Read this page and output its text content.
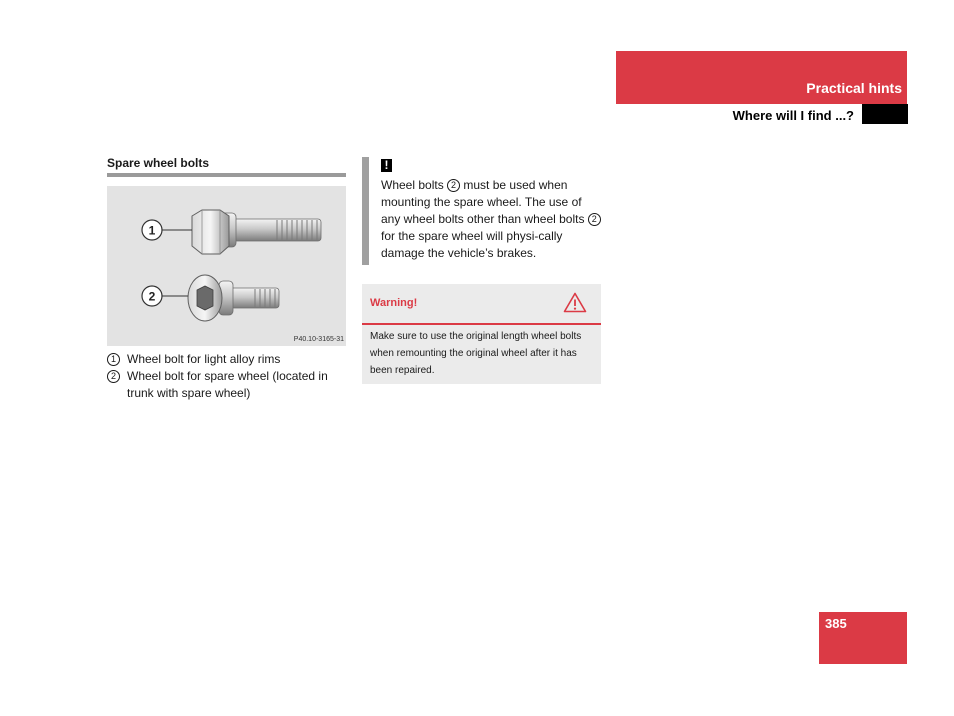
Practical hints
Where will I find ...?
Spare wheel bolts
1
2
P40.10-3165-31
1 Wheel bolt for light alloy rims
2 Wheel bolt for spare wheel (located in trunk with spare wheel)
!
Wheel bolts 2 must be used when mounting the spare wheel. The use of any wheel bolts other than wheel bolts 2 for the spare wheel will physi-cally damage the vehicle’s brakes.
Warning!
Make sure to use the original length wheel bolts when remounting the original wheel after it has been repaired.
385
